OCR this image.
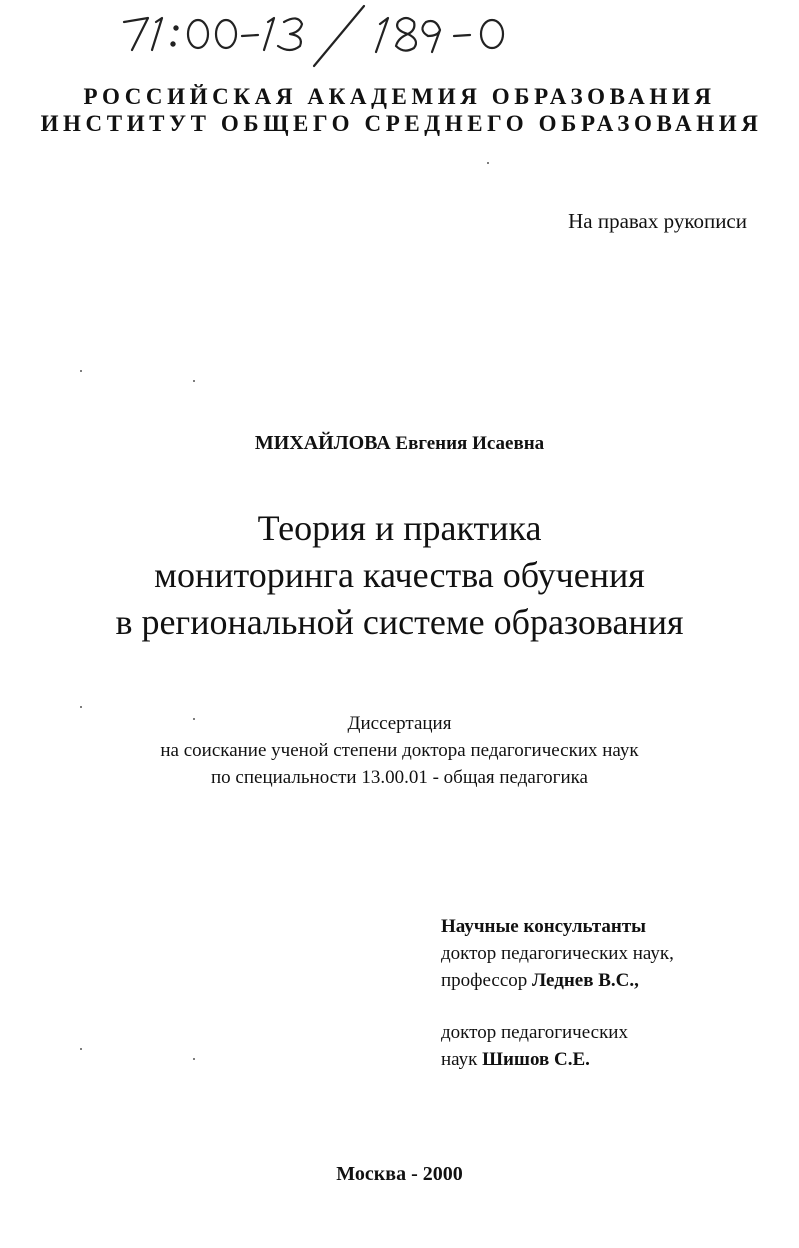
РОССИЙСКАЯ АКАДЕМИЯ ОБРАЗОВАНИЯ
ИНСТИТУТ ОБЩЕГО СРЕДНЕГО ОБРАЗОВАНИЯ
На правах рукописи
МИХАЙЛОВА Евгения Исаевна
Теория и практика
мониторинга качества обучения
в региональной системе образования
Диссертация
на соискание ученой степени доктора педагогических наук
по специальности 13.00.01 - общая педагогика
Научные консультанты
доктор педагогических наук,
профессор Леднев В.С.,
доктор педагогических
наук Шишов С.Е.
Москва - 2000
